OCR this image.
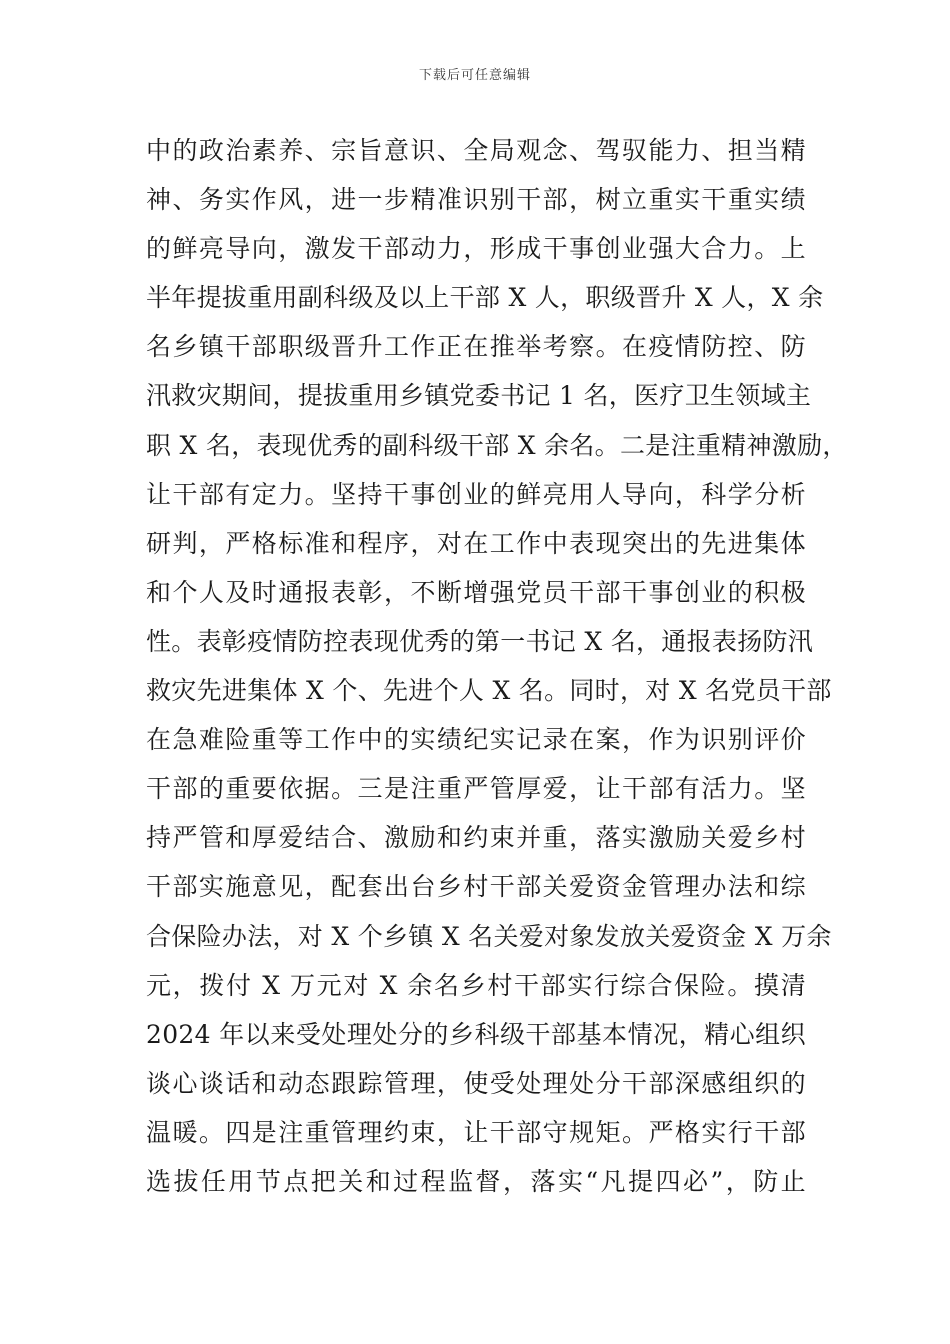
下载后可任意编辑
中的政治素养、宗旨意识、全局观念、驾驭能力、担当精
神、务实作风，进一步精准识别干部，树立重实干重实绩
的鲜亮导向，激发干部动力，形成干事创业强大合力。上
半年提拔重用副科级及以上干部 X 人，职级晋升 X 人，X 余
名乡镇干部职级晋升工作正在推举考察。在疫情防控、防
汛救灾期间，提拔重用乡镇党委书记 1 名，医疗卫生领域主
职 X 名，表现优秀的副科级干部 X 余名。二是注重精神激励，
让干部有定力。坚持干事创业的鲜亮用人导向，科学分析
研判，严格标准和程序，对在工作中表现突出的先进集体
和个人及时通报表彰，不断增强党员干部干事创业的积极
性。表彰疫情防控表现优秀的第一书记 X 名，通报表扬防汛
救灾先进集体 X 个、先进个人 X 名。同时，对 X 名党员干部
在急难险重等工作中的实绩纪实记录在案，作为识别评价
干部的重要依据。三是注重严管厚爱，让干部有活力。坚
持严管和厚爱结合、激励和约束并重，落实激励关爱乡村
干部实施意见，配套出台乡村干部关爱资金管理办法和综
合保险办法，对 X 个乡镇 X 名关爱对象发放关爱资金 X 万余
元，拨付 X 万元对 X 余名乡村干部实行综合保险。摸清
2024 年以来受处理处分的乡科级干部基本情况，精心组织
谈心谈话和动态跟踪管理，使受处理处分干部深感组织的
温暖。四是注重管理约束，让干部守规矩。严格实行干部
选拔任用节点把关和过程监督，落实“凡提四必”，防止
